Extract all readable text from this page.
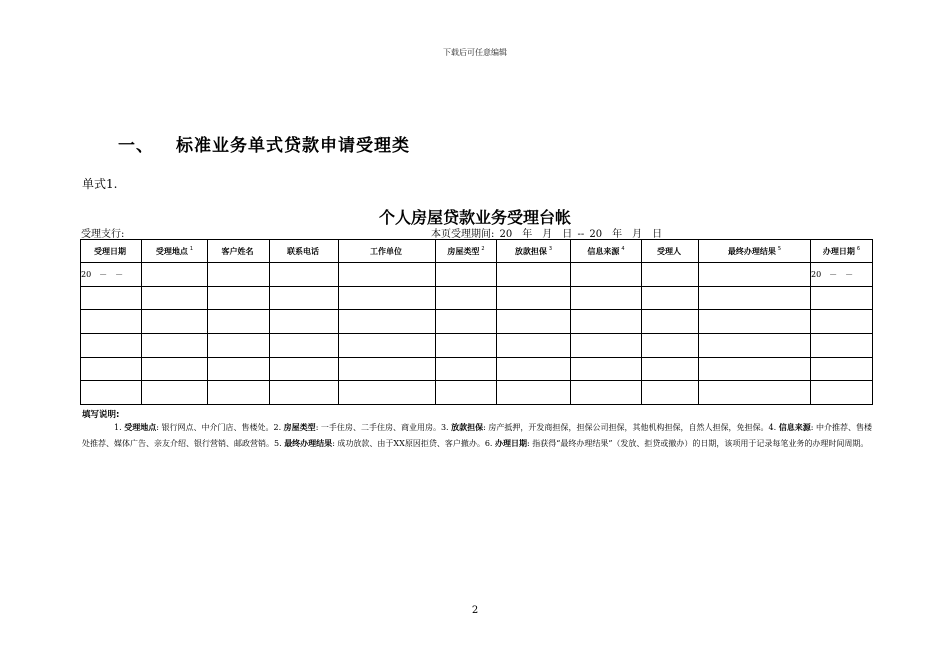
下载后可任意编辑
一、 标准业务单式贷款申请受理类
单式1.
个人房屋贷款业务受理台帐
受理支行:	本页受理期间: 20　年　月　日 -- 20　年　月　日
受理日期	受理地点 $^1$	客户姓名	联系电话	工作单位	房屋类型 $^2$	放款担保 $^3$	信息来源 $^4$	受理人	最终办理结果 $^5$	办理日期 $^6$
20　－　－										20　－　－

填写说明:
1. 受理地点: 银行网点、中介门店、售楼处。2. 房屋类型: 一手住房、二手住房、商业用房。3. 放款担保: 房产抵押，开发商担保，担保公司担保，其他机构担保，自然人担保，免担保。4. 信息来源: 中介推荐、售楼处推荐、媒体广告、亲友介绍、银行营销、邮政营销。5. 最终办理结果: 成功放款、由于XX原因拒贷、客户撤办。6. 办理日期: 指获得“最终办理结果”（发放、拒贷或撤办）的日期，该项用于记录每笔业务的办理时间周期。
2
